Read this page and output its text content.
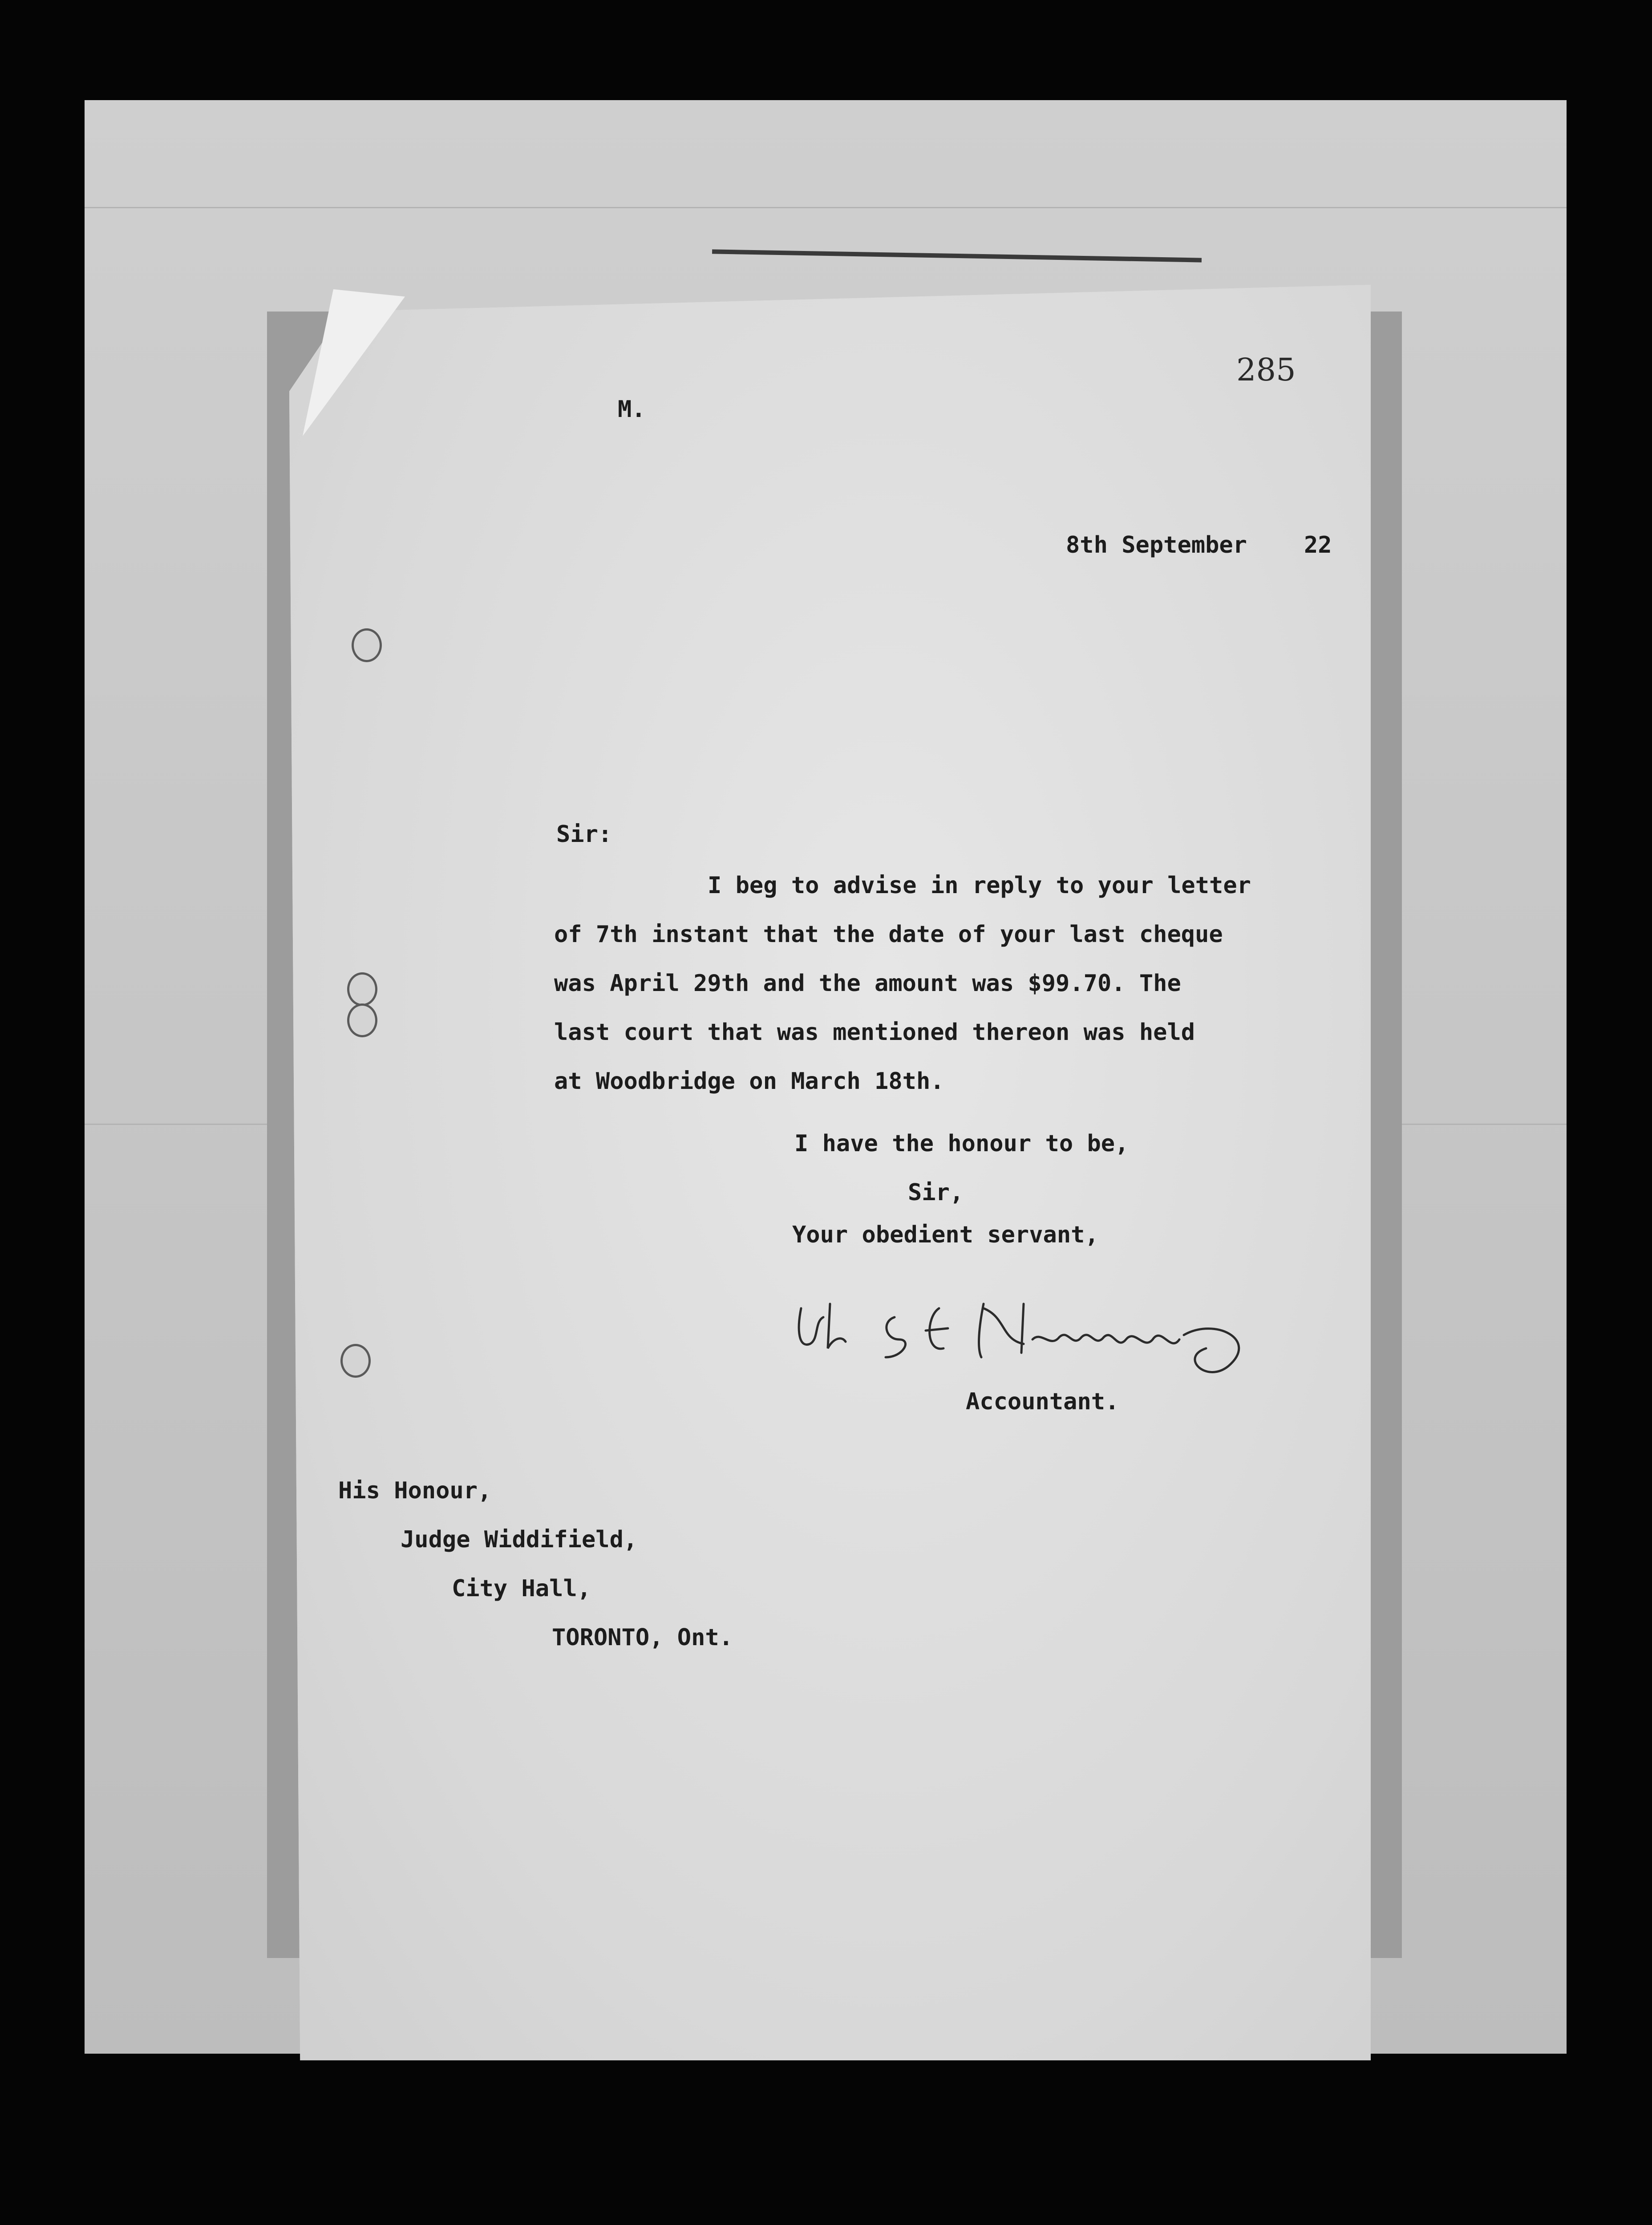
285
M.
8th September 22
Sir:
I beg to advise in reply to your letter
of 7th instant that the date of your last cheque
was April 29th and the amount was $99.70. The
last court that was mentioned thereon was held
at Woodbridge on March 18th.
I have the honour to be,
Sir,
Your obedient servant,
(Sgd) J. E. Narraway
Accountant.
His Honour,
Judge Widdifield,
City Hall,
TORONTO, Ont.
